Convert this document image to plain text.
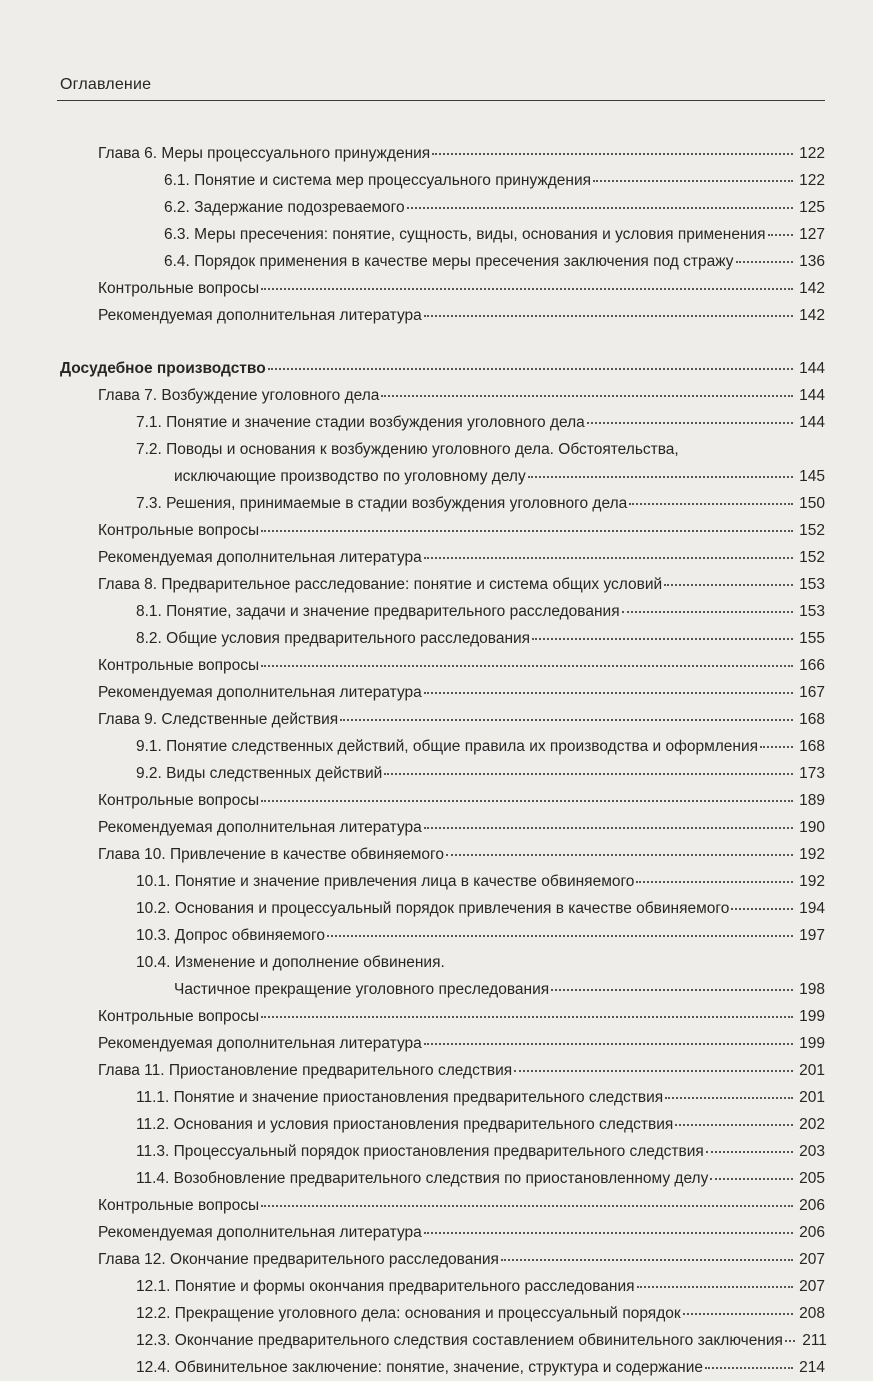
Оглавление
Глава 6. Меры процессуального принуждения	122
6.1. Понятие и система мер процессуального принуждения	122
6.2. Задержание подозреваемого	125
6.3. Меры пресечения: понятие, сущность, виды, основания и условия применения 127
6.4. Порядок применения в качестве меры пресечения заключения под стражу	136
Контрольные вопросы	142
Рекомендуемая дополнительная литература	142
Досудебное производство	144
Глава 7. Возбуждение уголовного дела	144
7.1. Понятие и значение стадии возбуждения уголовного дела	144
7.2. Поводы и основания к возбуждению уголовного дела. Обстоятельства,
исключающие производство по уголовному делу	145
7.3. Решения, принимаемые в стадии возбуждения уголовного дела	150
Контрольные вопросы	152
Рекомендуемая дополнительная литература	152
Глава 8. Предварительное расследование: понятие и система общих условий	153
8.1. Понятие, задачи и значение предварительного расследования	153
8.2. Общие условия предварительного расследования	155
Контрольные вопросы	166
Рекомендуемая дополнительная литература	167
Глава 9. Следственные действия	168
9.1. Понятие следственных действий, общие правила их производства и оформления	168
9.2. Виды следственных действий	173
Контрольные вопросы	189
Рекомендуемая дополнительная литература	190
Глава 10. Привлечение в качестве обвиняемого	192
10.1. Понятие и значение привлечения лица в качестве обвиняемого	192
10.2. Основания и процессуальный порядок привлечения в качестве обвиняемого	194
10.3. Допрос обвиняемого	197
10.4. Изменение и дополнение обвинения.
Частичное прекращение уголовного преследования	198
Контрольные вопросы	199
Рекомендуемая дополнительная литература	199
Глава 11. Приостановление предварительного следствия	201
11.1. Понятие и значение приостановления предварительного следствия	201
11.2. Основания и условия приостановления предварительного следствия	202
11.3. Процессуальный порядок приостановления предварительного следствия	203
11.4. Возобновление предварительного следствия по приостановленному делу	205
Контрольные вопросы	206
Рекомендуемая дополнительная литература	206
Глава 12. Окончание предварительного расследования	207
12.1. Понятие и формы окончания предварительного расследования	207
12.2. Прекращение уголовного дела: основания и процессуальный порядок	208
12.3. Окончание предварительного следствия составлением обвинительного заключения	211
12.4. Обвинительное заключение: понятие, значение, структура и содержание	214
